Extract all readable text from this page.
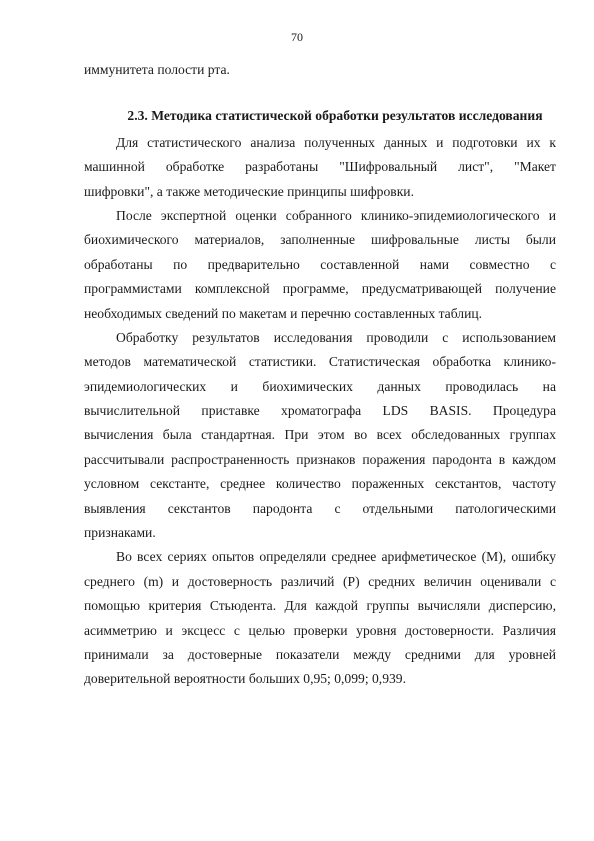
70
иммунитета полости рта.
2.3. Методика статистической обработки результатов исследования
Для статистического анализа полученных данных и подготовки их к
машинной обработке разработаны "Шифровальный лист", "Макет
шифровки", а также методические принципы шифровки.
После экспертной оценки собранного клинико-эпидемиологического и
биохимического материалов, заполненные шифровальные листы были
обработаны по предварительно составленной нами совместно с
программистами комплексной программе, предусматривающей получение
необходимых сведений по макетам и перечню составленных таблиц.
Обработку результатов исследования проводили с использованием
методов математической статистики. Статистическая обработка клинико-
эпидемиологических и биохимических данных проводилась на
вычислительной приставке хроматографа LDS BASIS. Процедура
вычисления была стандартная. При этом во всех обследованных группах
рассчитывали распространенность признаков поражения пародонта в каждом
условном секстанте, среднее количество пораженных секстантов, частоту
выявления секстантов пародонта с отдельными патологическими
признаками.
Во всех сериях опытов определяли среднее арифметическое (М), ошибку
среднего (m) и достоверность различий (Р) средних величин оценивали с
помощью критерия Стьюдента. Для каждой группы вычисляли дисперсию,
асимметрию и эксцесс с целью проверки уровня достоверности. Различия
принимали за достоверные показатели между средними для уровней
доверительной вероятности больших 0,95; 0,099; 0,939.
